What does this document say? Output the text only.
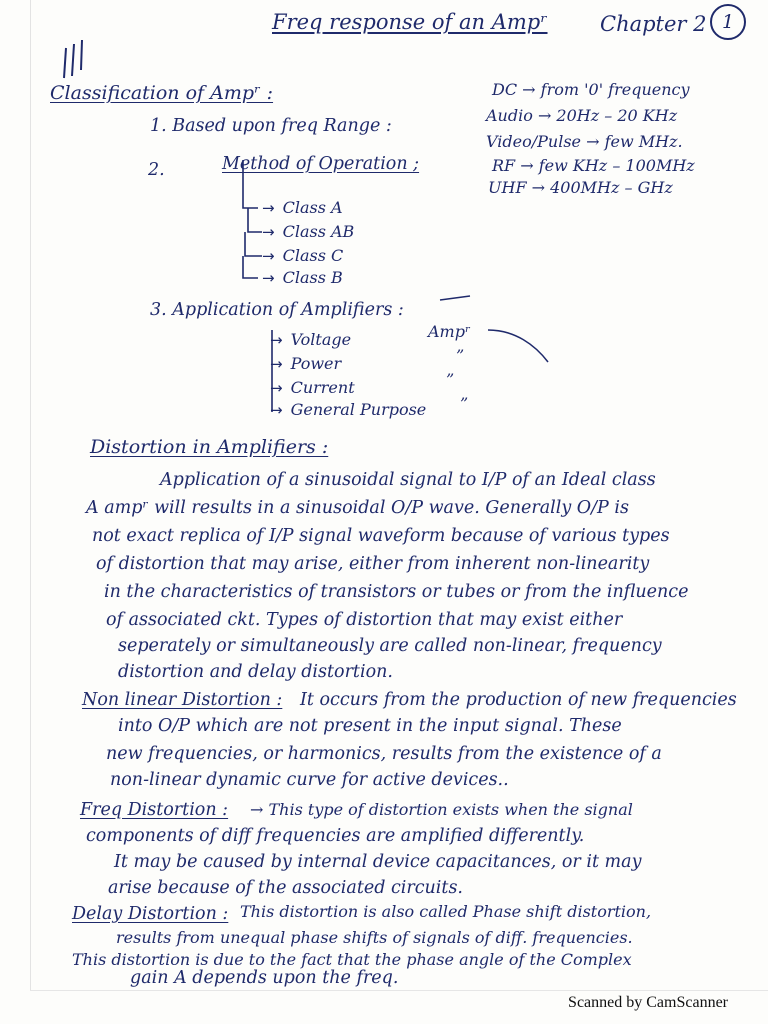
Freq response of an Ampʳ Chapter 2 1
Classification of Ampʳ :
1. Based upon freq Range :
2.	Method of Operation ;
→ Class A
→ Class AB
→ Class C
→ Class B
DC → from '0' frequency
Audio → 20Hz – 20 KHz
Video/Pulse → few MHz.
RF → few KHz – 100MHz
UHF → 400MHz – GHz
3. Application of Amplifiers :
→ Voltage
→ Power
→ Current
→ General Purpose
Ampʳ
”
”
”
Distortion in Amplifiers :
Application of a sinusoidal signal to I/P of an Ideal class
A ampʳ will results in a sinusoidal O/P wave. Generally O/P is
not exact replica of I/P signal waveform because of various types
of distortion that may arise, either from inherent non-linearity
in the characteristics of transistors or tubes or from the influence
of associated ckt. Types of distortion that may exist either
seperately or simultaneously are called non-linear, frequency
distortion and delay distortion.
Non linear Distortion : It occurs from the production of new frequencies
into O/P which are not present in the input signal. These
new frequencies, or harmonics, results from the existence of a
non-linear dynamic curve for active devices..
Freq Distortion : → This type of distortion exists when the signal
components of diff frequencies are amplified differently.
It may be caused by internal device capacitances, or it may
arise because of the associated circuits.
Delay Distortion : This distortion is also called Phase shift distortion,
results from unequal phase shifts of signals of diff. frequencies.
This distortion is due to the fact that the phase angle of the Complex
gain A depends upon the freq.
Scanned by CamScanner
